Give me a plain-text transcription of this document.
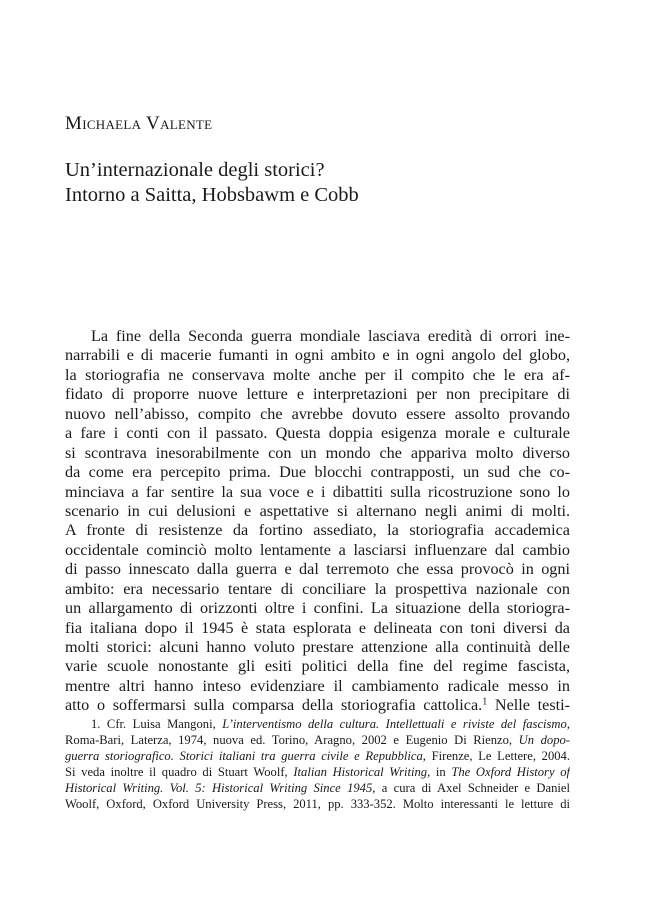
Michaela Valente
Un’internazionale degli storici?
Intorno a Saitta, Hobsbawm e Cobb
La fine della Seconda guerra mondiale lasciava eredità di orrori ine-
narrabili e di macerie fumanti in ogni ambito e in ogni angolo del globo,
la storiografia ne conservava molte anche per il compito che le era af-
fidato di proporre nuove letture e interpretazioni per non precipitare di
nuovo nell’abisso, compito che avrebbe dovuto essere assolto provando
a fare i conti con il passato. Questa doppia esigenza morale e culturale
si scontrava inesorabilmente con un mondo che appariva molto diverso
da come era percepito prima. Due blocchi contrapposti, un sud che co-
minciava a far sentire la sua voce e i dibattiti sulla ricostruzione sono lo
scenario in cui delusioni e aspettative si alternano negli animi di molti.
A fronte di resistenze da fortino assediato, la storiografia accademica
occidentale cominciò molto lentamente a lasciarsi influenzare dal cambio
di passo innescato dalla guerra e dal terremoto che essa provocò in ogni
ambito: era necessario tentare di conciliare la prospettiva nazionale con
un allargamento di orizzonti oltre i confini. La situazione della storiogra-
fia italiana dopo il 1945 è stata esplorata e delineata con toni diversi da
molti storici: alcuni hanno voluto prestare attenzione alla continuità delle
varie scuole nonostante gli esiti politici della fine del regime fascista,
mentre altri hanno inteso evidenziare il cambiamento radicale messo in
atto o soffermarsi sulla comparsa della storiografia cattolica.$^1$ Nelle testi-
1. Cfr. Luisa Mangoni, L’interventismo della cultura. Intellettuali e riviste del fascismo,
Roma-Bari, Laterza, 1974, nuova ed. Torino, Aragno, 2002 e Eugenio Di Rienzo, Un dopo-
guerra storiografico. Storici italiani tra guerra civile e Repubblica, Firenze, Le Lettere, 2004.
Si veda inoltre il quadro di Stuart Woolf, Italian Historical Writing, in The Oxford History of
Historical Writing. Vol. 5: Historical Writing Since 1945, a cura di Axel Schneider e Daniel
Woolf, Oxford, Oxford University Press, 2011, pp. 333-352. Molto interessanti le letture di
